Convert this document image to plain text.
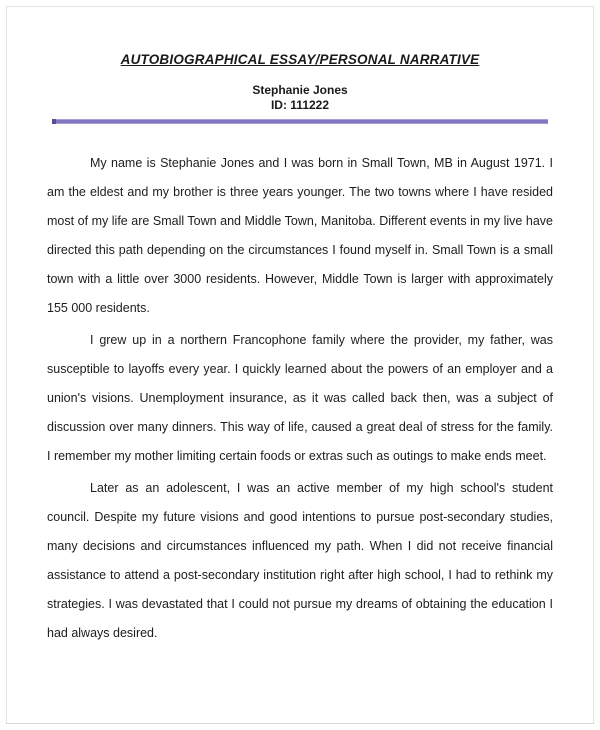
AUTOBIOGRAPHICAL ESSAY/PERSONAL NARRATIVE
Stephanie Jones
ID: 111222

My name is Stephanie Jones and I was born in Small Town, MB in August 1971. I am the eldest and my brother is three years younger. The two towns where I have resided most of my life are Small Town and Middle Town, Manitoba. Different events in my live have directed this path depending on the circumstances I found myself in. Small Town is a small town with a little over 3000 residents. However, Middle Town is larger with approximately 155 000 residents.

I grew up in a northern Francophone family where the provider, my father, was susceptible to layoffs every year. I quickly learned about the powers of an employer and a union's visions. Unemployment insurance, as it was called back then, was a subject of discussion over many dinners. This way of life, caused a great deal of stress for the family. I remember my mother limiting certain foods or extras such as outings to make ends meet.

Later as an adolescent, I was an active member of my high school's student council. Despite my future visions and good intentions to pursue post-secondary studies, many decisions and circumstances influenced my path. When I did not receive financial assistance to attend a post-secondary institution right after high school, I had to rethink my strategies. I was devastated that I could not pursue my dreams of obtaining the education I had always desired.
